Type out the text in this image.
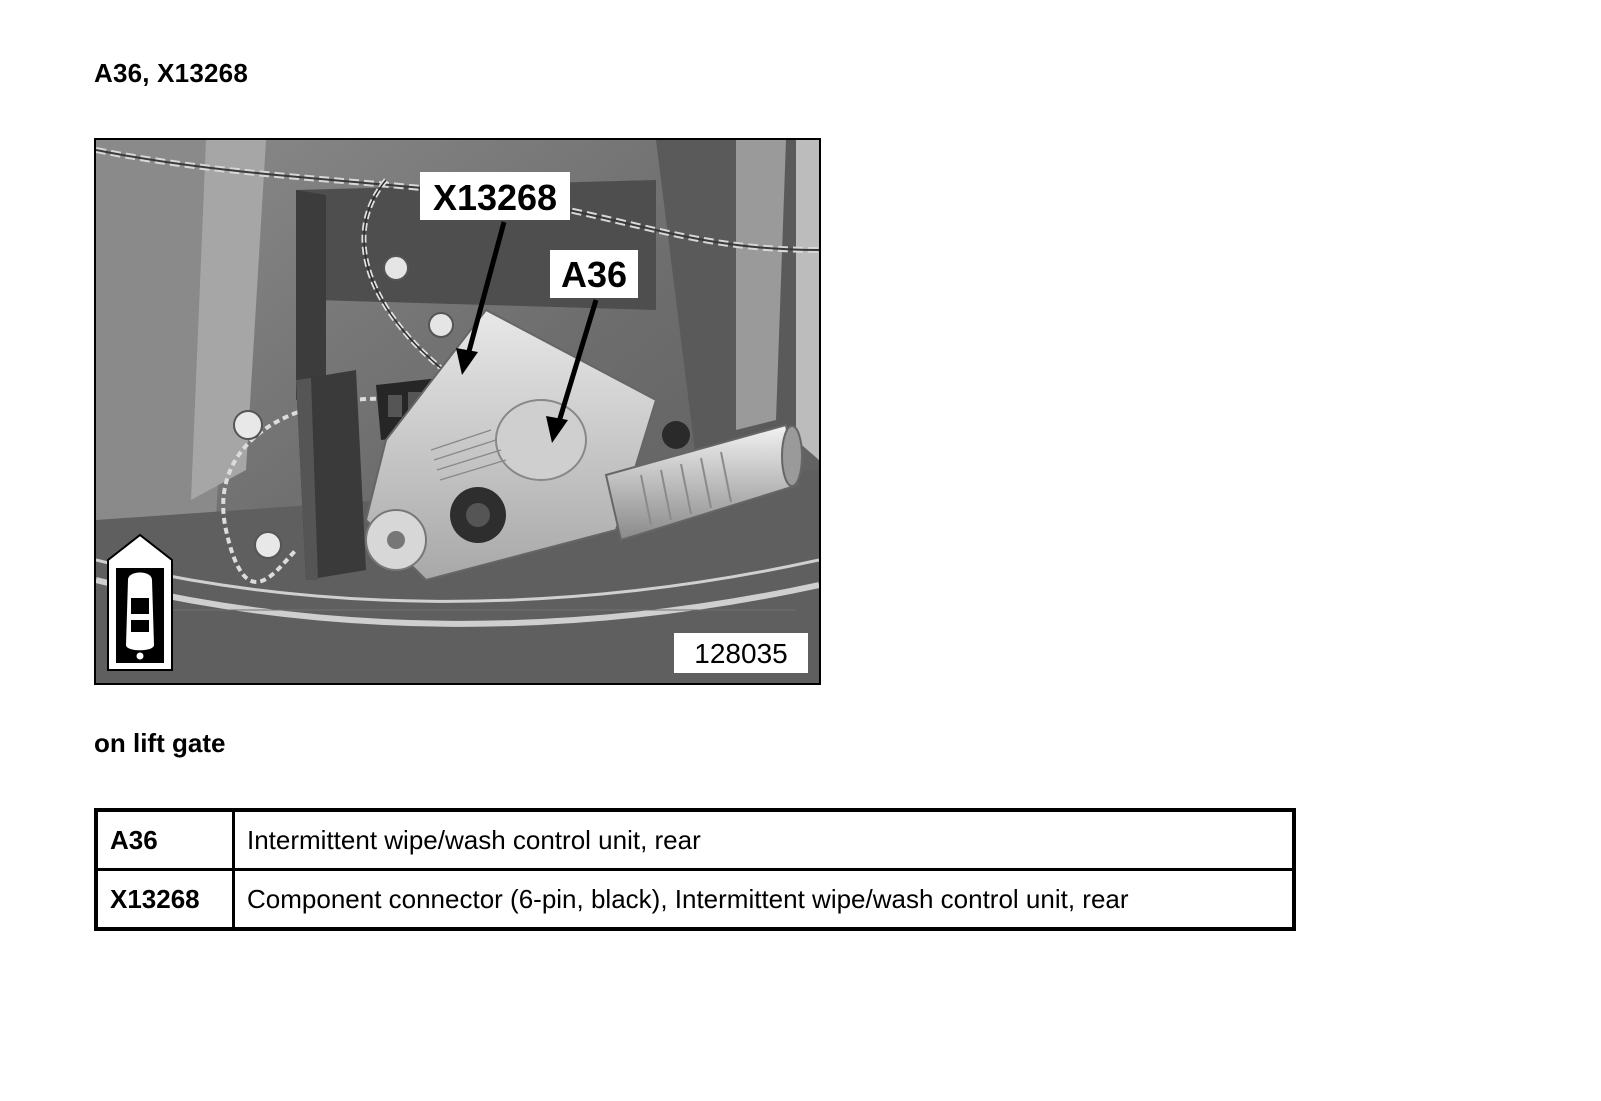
A36, X13268
X13268
A36
128035
on lift gate
A36	Intermittent wipe/wash control unit, rear
X13268	Component connector (6-pin, black), Intermittent wipe/wash control unit, rear
